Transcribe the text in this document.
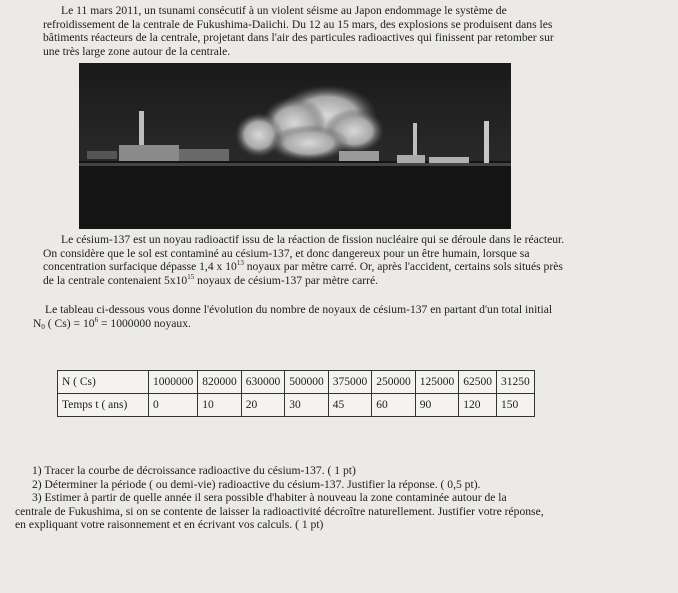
Le 11 mars 2011, un tsunami consécutif à un violent séisme au Japon endommage le système de
refroidissement de la centrale de Fukushima-Daiichi. Du 12 au 15 mars, des explosions se produisent dans les
bâtiments réacteurs de la centrale, projetant dans l'air des particules radioactives qui finissent par retomber sur
une très large zone autour de la centrale.
Le césium-137 est un noyau radioactif issu de la réaction de fission nucléaire qui se déroule dans le réacteur.
On considère que le sol est contaminé au césium-137, et donc dangereux pour un être humain, lorsque sa
concentration surfacique dépasse 1,4 x $10^{13}$ noyaux par mètre carré. Or, après l'accident, certains sols situés près
de la centrale contenaient $5x10^{15}$ noyaux de césium-137 par mètre carré.
Le tableau ci-dessous vous donne l'évolution du nombre de noyaux de césium-137 en partant d'un total initial
$N_0$ ( $Cs) = 10^6 = 1000000$ noyaux.
N ( Cs)	1000000	820000	630000	500000	375000	250000	125000	62500	31250
Temps t ( ans)	0	10	20	30	45	60	90	120	150
1) Tracer la courbe de décroissance radioactive du césium-137. ( 1 pt)
2) Déterminer la période ( ou demi-vie) radioactive du césium-137. Justifier la réponse. ( 0,5 pt).
3) Estimer à partir de quelle année il sera possible d'habiter à nouveau la zone contaminée autour de la
centrale de Fukushima, si on se contente de laisser la radioactivité décroître naturellement. Justifier votre réponse,
en expliquant votre raisonnement et en écrivant vos calculs. ( 1 pt)
